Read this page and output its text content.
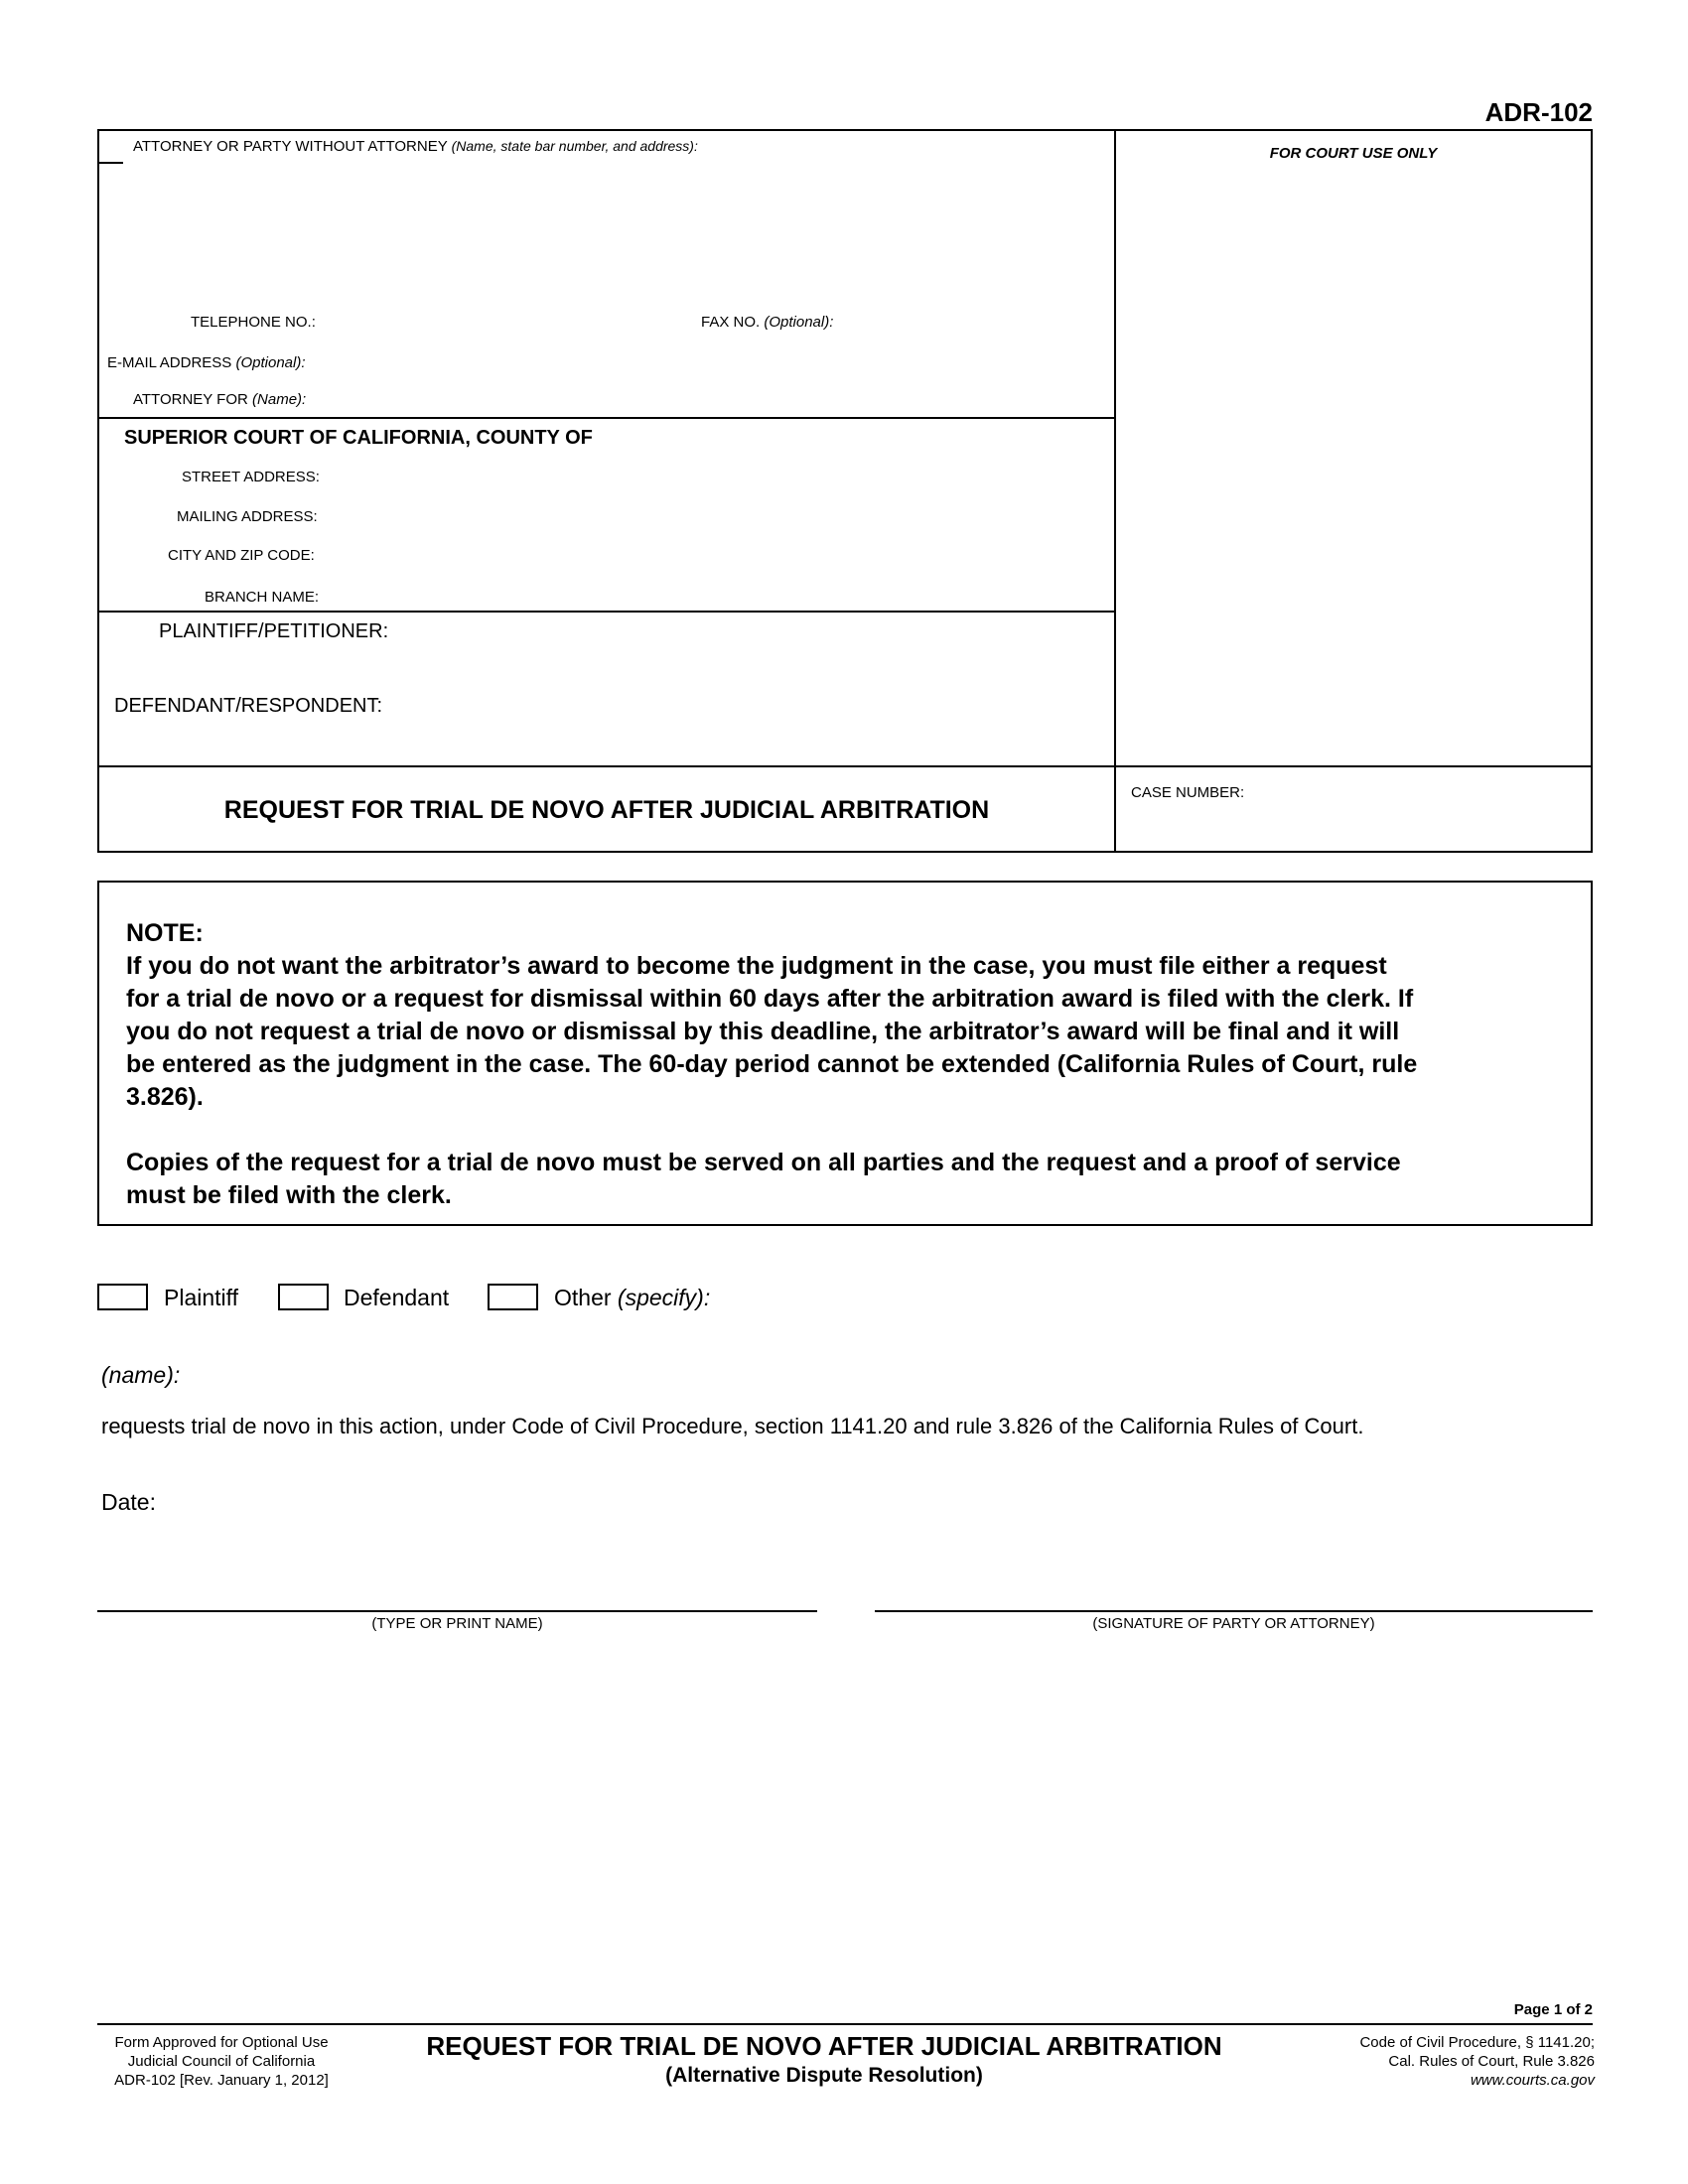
ADR-102
ATTORNEY OR PARTY WITHOUT ATTORNEY (Name, state bar number, and address):
TELEPHONE NO.:	FAX NO. (Optional):
E-MAIL ADDRESS (Optional):
ATTORNEY FOR (Name):
FOR COURT USE ONLY
SUPERIOR COURT OF CALIFORNIA, COUNTY OF
STREET ADDRESS:
MAILING ADDRESS:
CITY AND ZIP CODE:
BRANCH NAME:
PLAINTIFF/PETITIONER:
DEFENDANT/RESPONDENT:
REQUEST FOR TRIAL DE NOVO AFTER JUDICIAL ARBITRATION
CASE NUMBER:
NOTE:
If you do not want the arbitrator’s award to become the judgment in the case, you must file either a request
for a trial de novo or a request for dismissal within 60 days after the arbitration award is filed with the clerk. If
you do not request a trial de novo or dismissal by this deadline, the arbitrator’s award will be final and it will
be entered as the judgment in the case. The 60-day period cannot be extended (California Rules of Court, rule
3.826).
Copies of the request for a trial de novo must be served on all parties and the request and a proof of service
must be filed with the clerk.
Plaintiff	Defendant	Other (specify):
(name):
requests trial de novo in this action, under Code of Civil Procedure, section 1141.20 and rule 3.826 of the California Rules of Court.
Date:
(TYPE OR PRINT NAME)	(SIGNATURE OF PARTY OR ATTORNEY)
Page 1 of 2
Form Approved for Optional Use
Judicial Council of California
ADR-102 [Rev. January 1, 2012]
REQUEST FOR TRIAL DE NOVO AFTER JUDICIAL ARBITRATION
(Alternative Dispute Resolution)
Code of Civil Procedure, § 1141.20;
Cal. Rules of Court, Rule 3.826
www.courts.ca.gov
